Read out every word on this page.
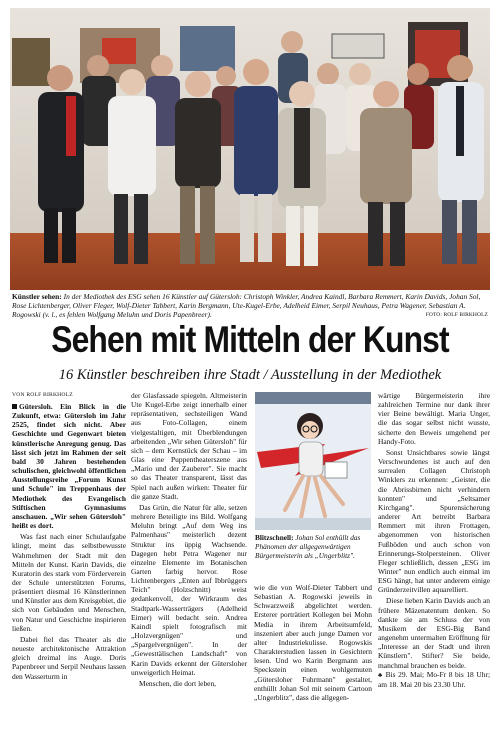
Künstler sehen: In der Mediothek des ESG sehen 16 Künstler auf Gütersloh: Christoph Winkler, Andrea Kaindl, Barbara Remmert, Karin Davids, Johan Sol, Rose Lichtenberger, Oliver Fleger, Wolf-Dieter Tabbert, Karin Bergmann, Ute-Kugel-Erbe, Adelheid Eimer, Serpil Neuhaus, Petra Wagener, Sebastian A. Rogowski (v. l., es fehlen Wolfgang Meluhn und Doris Papenbreer).	FOTO: ROLF BIRKHOLZ
Sehen mit Mitteln der Kunst
16 Künstler beschreiben ihre Stadt / Ausstellung in der Mediothek
VON ROLF BIRKHOLZ

Gütersloh. Ein Blick in die Zukunft, etwa: Gütersloh im Jahr 2525, findet sich nicht. Aber Geschichte und Gegenwart bieten künstlerische Anregung genug. Das lässt sich jetzt im Rahmen der seit bald 30 Jahren bestehenden schulischen, gleichwohl öffentlichen Ausstellungsreihe „Forum Kunst und Schule" im Treppenhaus der Mediothek des Evangelisch Stiftischen Gymnasiums anschauen. „Wir sehen Gütersloh" heißt es dort.

Was fast nach einer Schulaufgabe klingt, meint das selbstbewusste Wahrnehmen der Stadt mit den Mitteln der Kunst. Karin Davids, die Kuratorin des stark vom Förderverein der Schule unterstützten Forums, präsentiert diesmal 16 Künstlerinnen und Künstler aus dem Kreisgebiet, die sich von Gebäuden und Menschen, von Natur und Geschichte inspirieren ließen.

Dabei fiel das Theater als die neueste architektonische Attraktion gleich dreimal ins Auge. Doris Papenbreer und Serpil Neuhaus lassen den Wasserturm in

der Glasfassade spiegeln. Altmeisterin Ute Kugel-Erbe zeigt innerhalb einer repräsentativen, sechsteiligen Wand aus Foto-Collagen, einem vielgestaltigen, mit Überblendungen arbeitenden „Wir sehen Gütersloh" für sich – dem Kernstück der Schau – im Glas eine Puppentheaterszene aus „Mario und der Zauberer". Sie macht so das Theater transparent, lässt das Spiel nach außen wirken: Theater für die ganze Stadt.

Das Grün, die Natur für alle, setzen mehrere Beteiligte ins Bild. Wolfgang Meluhn bringt „Auf dem Weg ins Palmenhaus" meisterlich dezent Struktur ins üppig Wachsende. Dagegen hebt Petra Wagener nur einzelne Elemente im Botanischen Garten farbig hervor. Rose Lichtenbergers „Enten auf Ibbrüggers Teich" (Holzschnitt) weist gedankenvoll, der Wirkraum des Stadtpark-Wasserträgers (Adelheid Eimer) will bedacht sein. Andrea Kaindl spielt fotografisch mit „Holzvergnügen" und „Spargelvergnügen". In der „Gewesttälischen Landschaft" von Karin Davids erkennt der Gütersloher unweigerlich Heimat.

Menschen, die dort leben,

Blitzschnell: Johan Sol enthüllt das Phänomen der allgegenwärtigen Bürgermeisterin als „Ungerblitz".

wie die von Wolf-Dieter Tabbert und Sebastian A. Rogowski jeweils in Schwarzweiß abgelichtet werden. Ersterer porträtiert Kollegen bei Mohn Media in ihrem Arbeitsumfeld, inszeniert aber auch junge Damen vor alter Industriekulisse. Rogowskis Charakterstudien lassen in Gesichtern lesen. Und wo Karin Bergmann aus Speckstein einen wohlgemuten „Gütersloher Fuhrmann" gestaltet, enthüllt Johan Sol mit seinem Cartoon „Ungerblitz", dass die allgegen-

wärtige Bürgermeisterin ihre zahlreichen Termine nur dank ihrer vier Beine bewältigt. Maria Unger, die das sogar selbst nicht wusste, sicherte den Beweis umgehend per Handy-Foto.

Sonst Unsichtbares sowie längst Verschwundenes ist auch auf den surrealen Collagen Christoph Winklers zu erkennen: „Geister, die die Abrissbirnen nicht verhindern konnten" und „Seltsamer Kirchgang". Spurensicherung anderer Art betreibt Barbara Remmert mit ihren Frottagen, abgenommen von historischen Fußböden und auch schon von Erinnerungs-Stolpersteinen. Oliver Fleger schließlich, dessen „ESG im Winter" nun endlich auch einmal im ESG hängt, hat unter anderem einige Gründerzeitvillen aquarelliert.

Diese lieben Karin Davids auch an frühere Mäzenatentum denken. So dankte sie am Schluss der von Musikern der ESG-Big Band angenehm untermalten Eröffnung für „Interesse an der Stadt und ihren Künstlern". Stifter? Sie beide, manchmal brauchen es beide.

♣ Bis 29. Mai; Mo-Fr 8 bis 18 Uhr; am 18. Mai 20 bis 23.30 Uhr.
